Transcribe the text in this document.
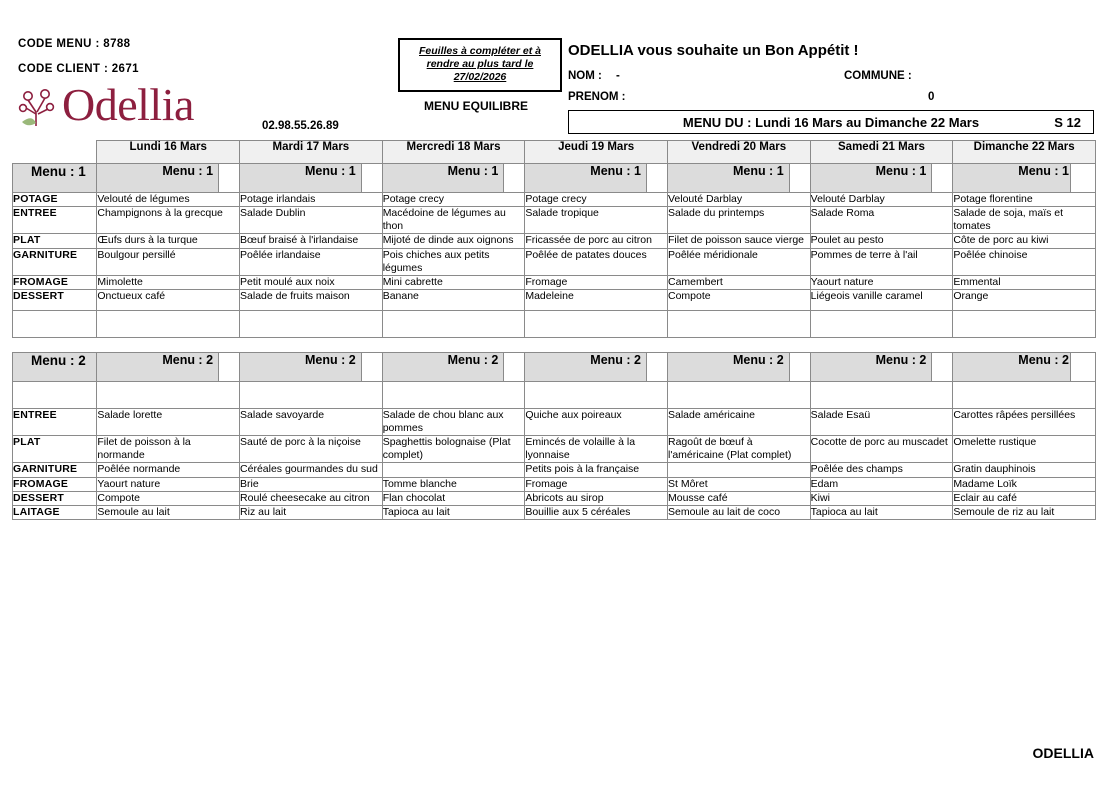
CODE MENU : 8788
CODE CLIENT : 2671
Odellia	02.98.55.26.89
Feuilles à compléter et à
rendre au plus tard le
27/02/2026
MENU EQUILIBRE
ODELLIA vous souhaite un Bon Appétit !
NOM : -	COMMUNE :
PRENOM :	0
MENU DU : Lundi 16 Mars au Dimanche 22 Mars	S 12
	Lundi 16 Mars	Mardi 17 Mars	Mercredi 18 Mars	Jeudi 19 Mars	Vendredi 20 Mars	Samedi 21 Mars	Dimanche 22 Mars
Menu : 1	Menu : 1	Menu : 1	Menu : 1	Menu : 1	Menu : 1	Menu : 1	Menu : 1

POTAGE	Velouté de légumes	Potage irlandais	Potage crecy	Potage crecy	Velouté Darblay	Velouté Darblay	Potage florentine
ENTREE	Champignons à la grecque	Salade Dublin	Macédoine de légumes au thon	Salade tropique	Salade du printemps	Salade Roma	Salade de soja, maïs et tomates
PLAT	Œufs durs à la turque	Bœuf braisé à l'irlandaise	Mijoté de dinde aux oignons	Fricassée de porc au citron	Filet de poisson sauce vierge	Poulet au pesto	Côte de porc au kiwi
GARNITURE	Boulgour persillé	Poêlée irlandaise	Pois chiches aux petits légumes	Poêlée de patates douces	Poêlée méridionale	Pommes de terre à l'ail	Poêlée chinoise
FROMAGE	Mimolette	Petit moulé aux noix	Mini cabrette	Fromage	Camembert	Yaourt nature	Emmental
DESSERT	Onctueux café	Salade de fruits maison	Banane	Madeleine	Compote	Liégeois vanille caramel	Orange

Menu : 2	Menu : 2	Menu : 2	Menu : 2	Menu : 2	Menu : 2	Menu : 2	Menu : 2

ENTREE	Salade lorette	Salade savoyarde	Salade de chou blanc aux pommes	Quiche aux poireaux	Salade américaine	Salade Esaü	Carottes râpées persillées
PLAT	Filet de poisson à la normande	Sauté de porc à la niçoise	Spaghettis bolognaise (Plat complet)	Emincés de volaille à la lyonnaise	Ragoût de bœuf à l'américaine (Plat complet)	Cocotte de porc au muscadet	Omelette rustique
GARNITURE	Poêlée normande	Céréales gourmandes du sud		Petits pois à la française		Poêlée des champs	Gratin dauphinois
FROMAGE	Yaourt nature	Brie	Tomme blanche	Fromage	St Môret	Edam	Madame Loïk
DESSERT	Compote	Roulé cheesecake au citron	Flan chocolat	Abricots au sirop	Mousse café	Kiwi	Eclair au café
LAITAGE	Semoule au lait	Riz au lait	Tapioca au lait	Bouillie aux 5 céréales	Semoule au lait de coco	Tapioca au lait	Semoule de riz au lait
ODELLIA
